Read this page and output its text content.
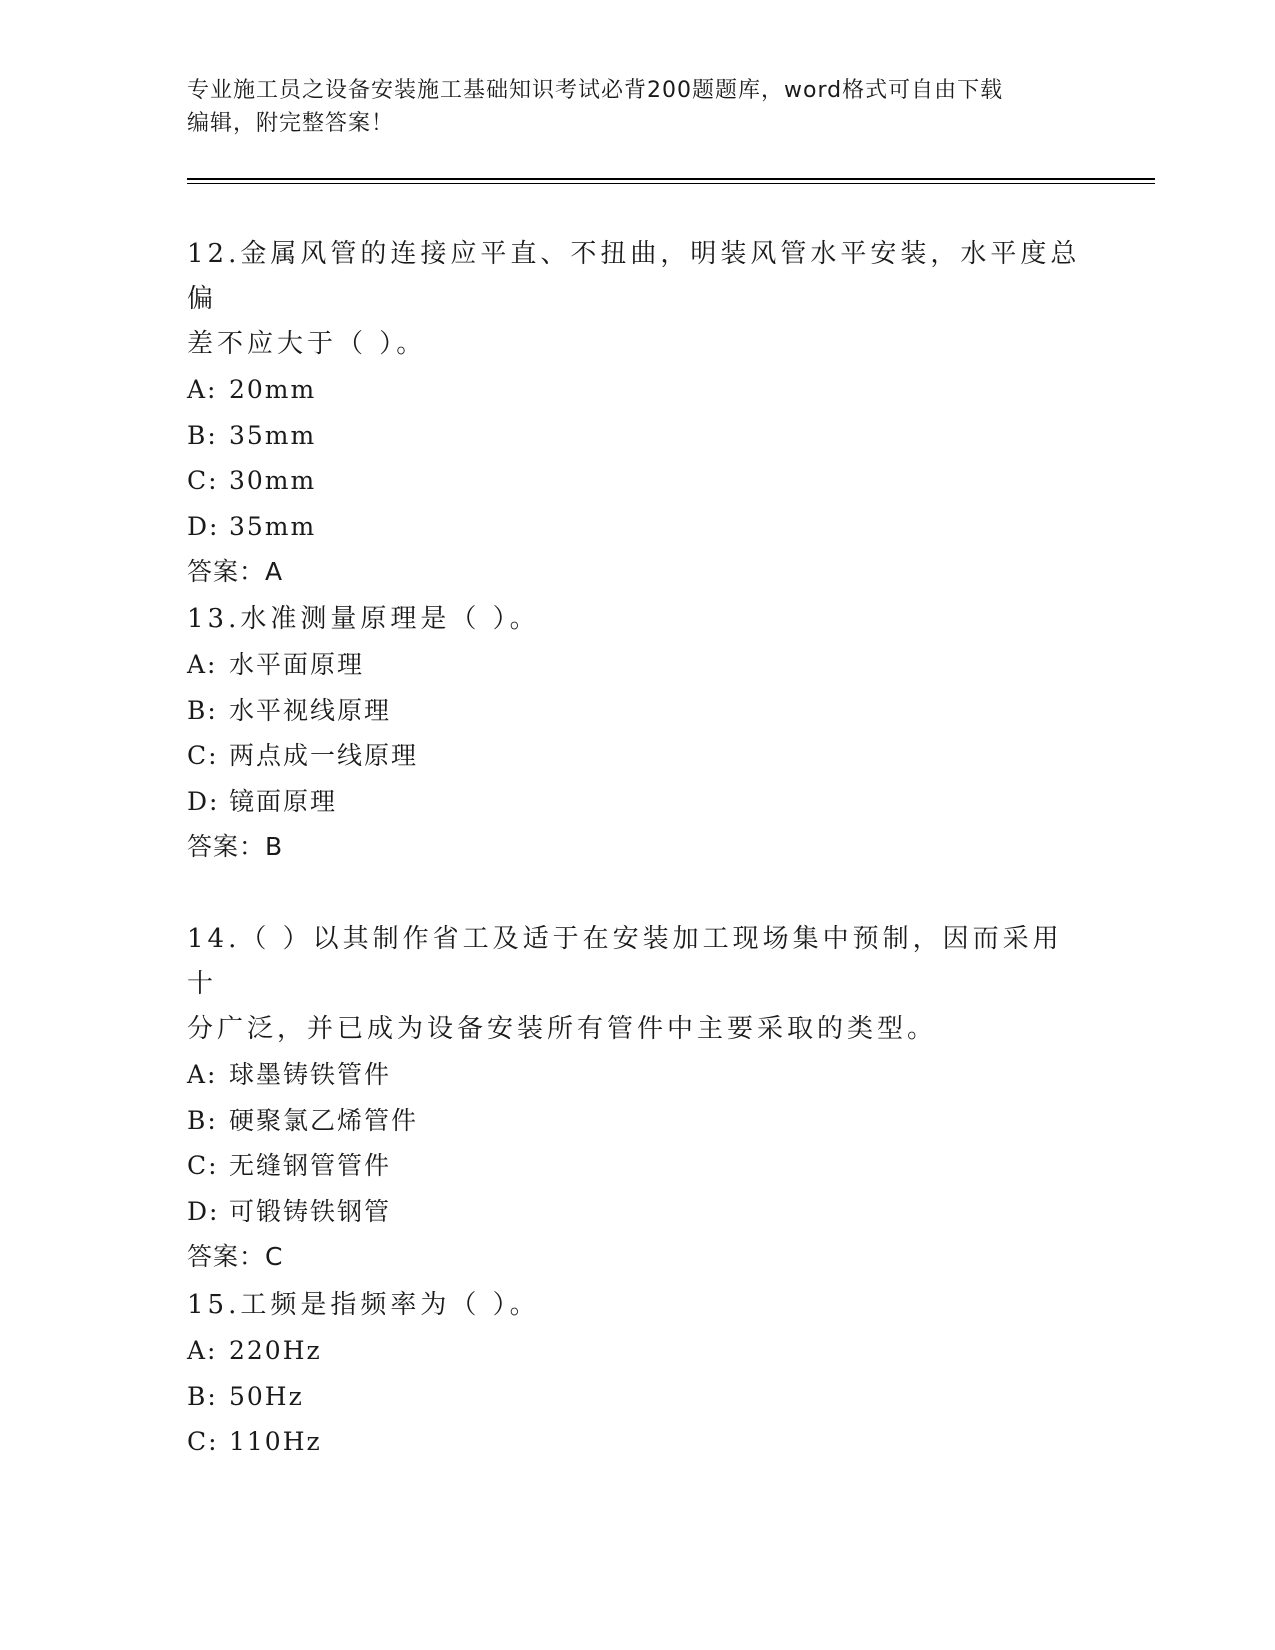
专业施工员之设备安装施工基础知识考试必背200题题库，word格式可自由下载
编辑，附完整答案！
12.金属风管的连接应平直、不扭曲，明装风管水平安装，水平度总偏
差不应大于（ ）。
A: 20mm
B: 35mm
C: 30mm
D: 35mm
答案：A
13.水准测量原理是（ ）。
A: 水平面原理
B: 水平视线原理
C: 两点成一线原理
D: 镜面原理
答案：B
14.（ ）以其制作省工及适于在安装加工现场集中预制，因而采用十
分广泛，并已成为设备安装所有管件中主要采取的类型。
A: 球墨铸铁管件
B: 硬聚氯乙烯管件
C: 无缝钢管管件
D: 可锻铸铁钢管
答案：C
15.工频是指频率为（ ）。
A: 220Hz
B: 50Hz
C: 110Hz
